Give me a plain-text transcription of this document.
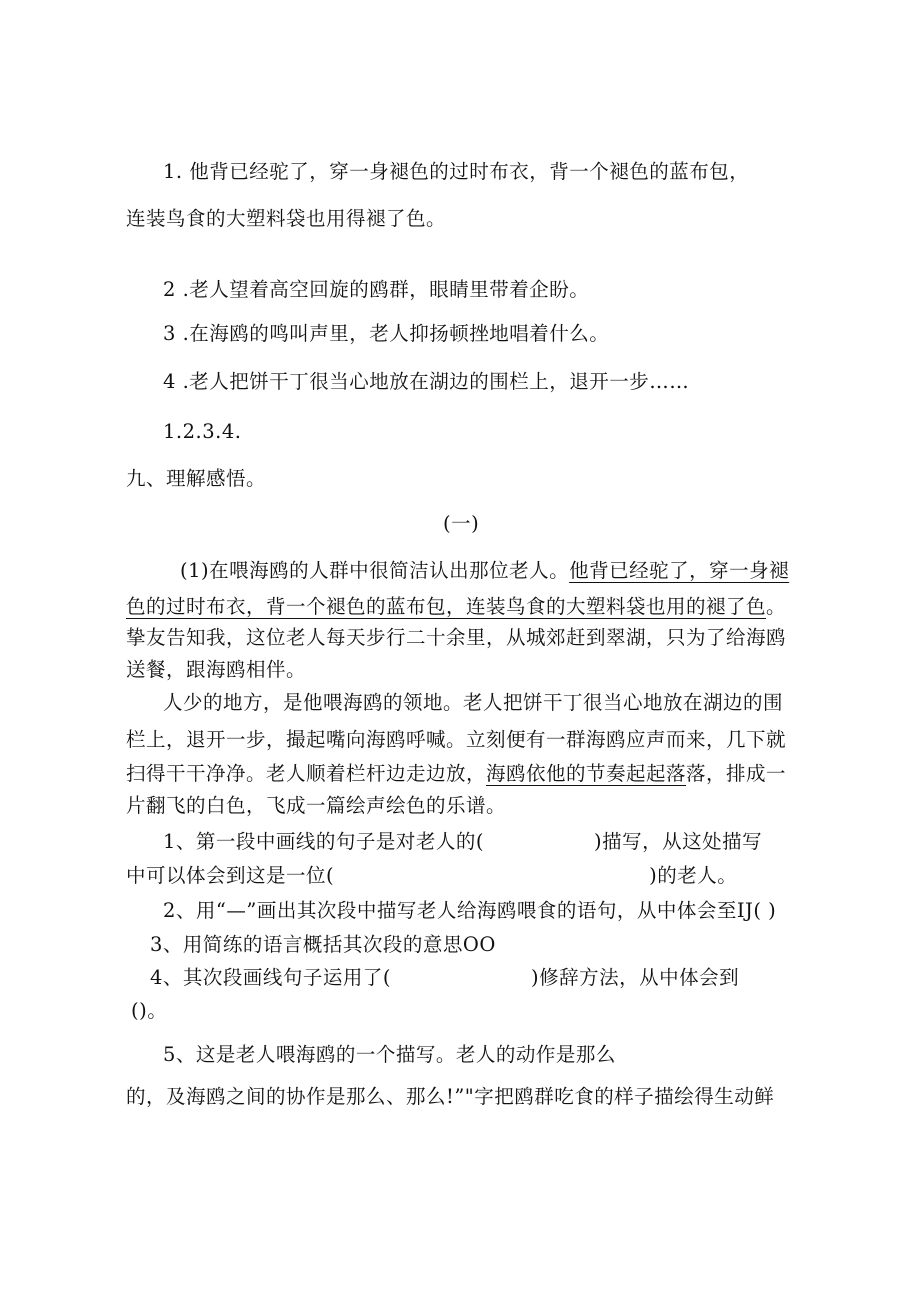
1. 他背已经驼了，穿一身褪色的过时布衣，背一个褪色的蓝布包，
连装鸟食的大塑料袋也用得褪了色。
2 .老人望着高空回旋的鸥群，眼睛里带着企盼。
3 .在海鸥的鸣叫声里，老人抑扬顿挫地唱着什么。
4 .老人把饼干丁很当心地放在湖边的围栏上，退开一步……
1.2.3.4.
九、理解感悟。
(一)
(1)在喂海鸥的人群中很简洁认出那位老人。他背已经驼了，穿一身褪
色的过时布衣，背一个褪色的蓝布包，连装鸟食的大塑料袋也用的褪了色。
挚友告知我，这位老人每天步行二十余里，从城郊赶到翠湖，只为了给海鸥
送餐，跟海鸥相伴。
人少的地方，是他喂海鸥的领地。老人把饼干丁很当心地放在湖边的围
栏上，退开一步，撮起嘴向海鸥呼喊。立刻便有一群海鸥应声而来，几下就
扫得干干净净。老人顺着栏杆边走边放，海鸥依他的节奏起起落落，排成一
片翻飞的白色，飞成一篇绘声绘色的乐谱。
1、第一段中画线的句子是对老人的(	)描写，从这处描写
中可以体会到这是一位(	)的老人。
2、用“—”画出其次段中描写老人给海鸥喂食的语句，从中体会至IJ( )
3、用简练的语言概括其次段的意思OO
4、其次段画线句子运用了(	)修辞方法，从中体会到
()。
5、这是老人喂海鸥的一个描写。老人的动作是那么
的，及海鸥之间的协作是那么、那么!”"字把鸥群吃食的样子描绘得生动鲜
